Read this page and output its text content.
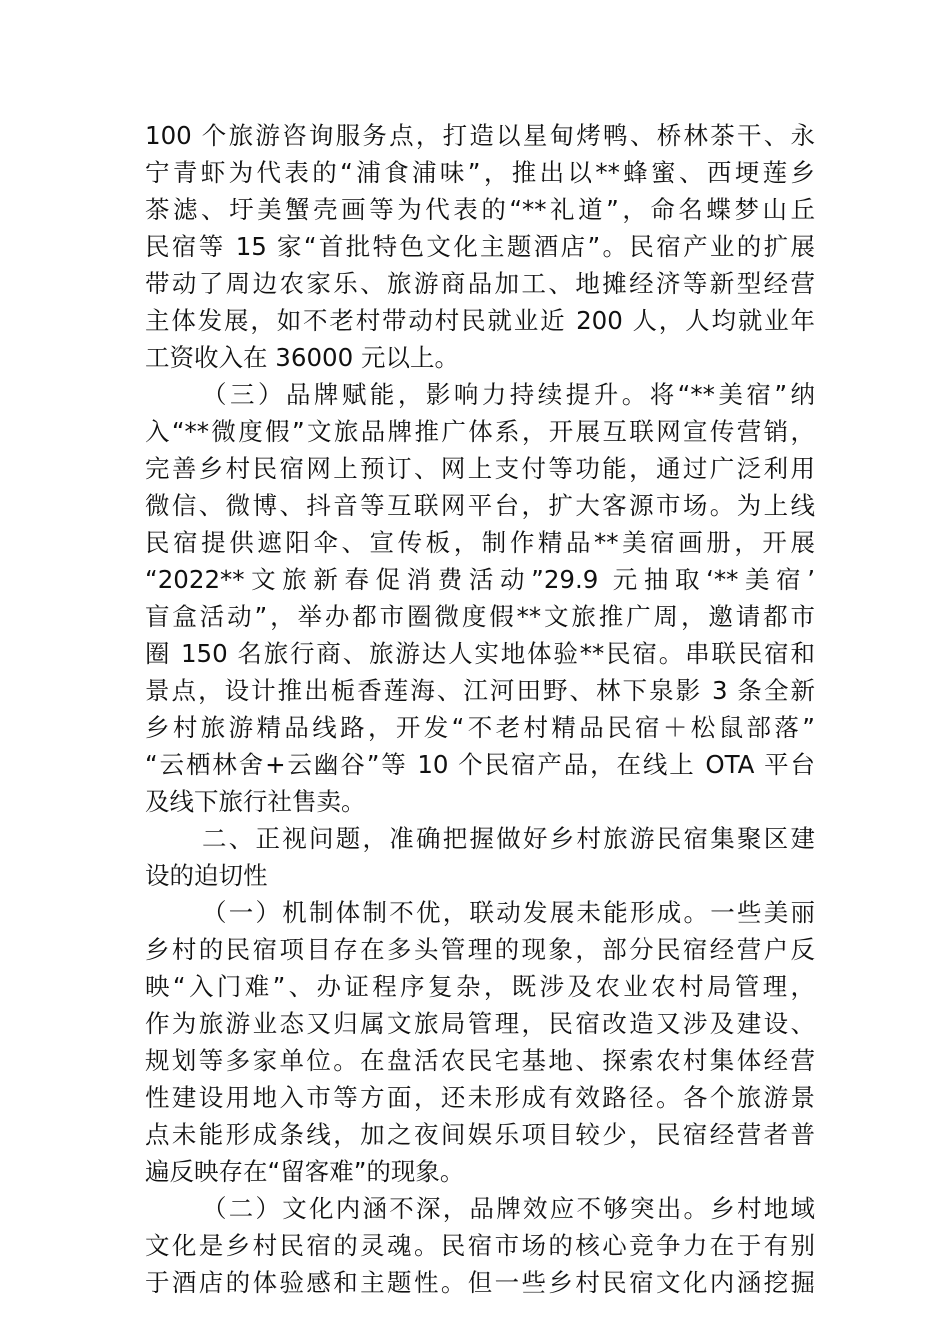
100 个旅游咨询服务点，打造以星甸烤鸭、桥林茶干、永
宁青虾为代表的“浦食浦味”，推出以**蜂蜜、西埂莲乡
茶滤、圩美蟹壳画等为代表的“**礼道”，命名蝶梦山丘
民宿等 15 家“首批特色文化主题酒店”。民宿产业的扩展
带动了周边农家乐、旅游商品加工、地摊经济等新型经营
主体发展，如不老村带动村民就业近 200 人，人均就业年
工资收入在 36000 元以上。

（三）品牌赋能，影响力持续提升。将“**美宿”纳
入“**微度假”文旅品牌推广体系，开展互联网宣传营销，
完善乡村民宿网上预订、网上支付等功能，通过广泛利用
微信、微博、抖音等互联网平台，扩大客源市场。为上线
民宿提供遮阳伞、宣传板，制作精品**美宿画册，开展
“2022**文旅新春促消费活动”29.9 元抽取‘**美宿’
盲盒活动”，举办都市圈微度假**文旅推广周，邀请都市
圈 150 名旅行商、旅游达人实地体验**民宿。串联民宿和
景点，设计推出栀香莲海、江河田野、林下泉影 3 条全新
乡村旅游精品线路，开发“不老村精品民宿＋松鼠部落”
“云栖林舍+云幽谷”等 10 个民宿产品，在线上 OTA 平台
及线下旅行社售卖。

二、正视问题，准确把握做好乡村旅游民宿集聚区建
设的迫切性

（一）机制体制不优，联动发展未能形成。一些美丽
乡村的民宿项目存在多头管理的现象，部分民宿经营户反
映“入门难”、办证程序复杂，既涉及农业农村局管理，
作为旅游业态又归属文旅局管理，民宿改造又涉及建设、
规划等多家单位。在盘活农民宅基地、探索农村集体经营
性建设用地入市等方面，还未形成有效路径。各个旅游景
点未能形成条线，加之夜间娱乐项目较少，民宿经营者普
遍反映存在“留客难”的现象。

（二）文化内涵不深，品牌效应不够突出。乡村地域
文化是乡村民宿的灵魂。民宿市场的核心竞争力在于有别
于酒店的体验感和主题性。但一些乡村民宿文化内涵挖掘
